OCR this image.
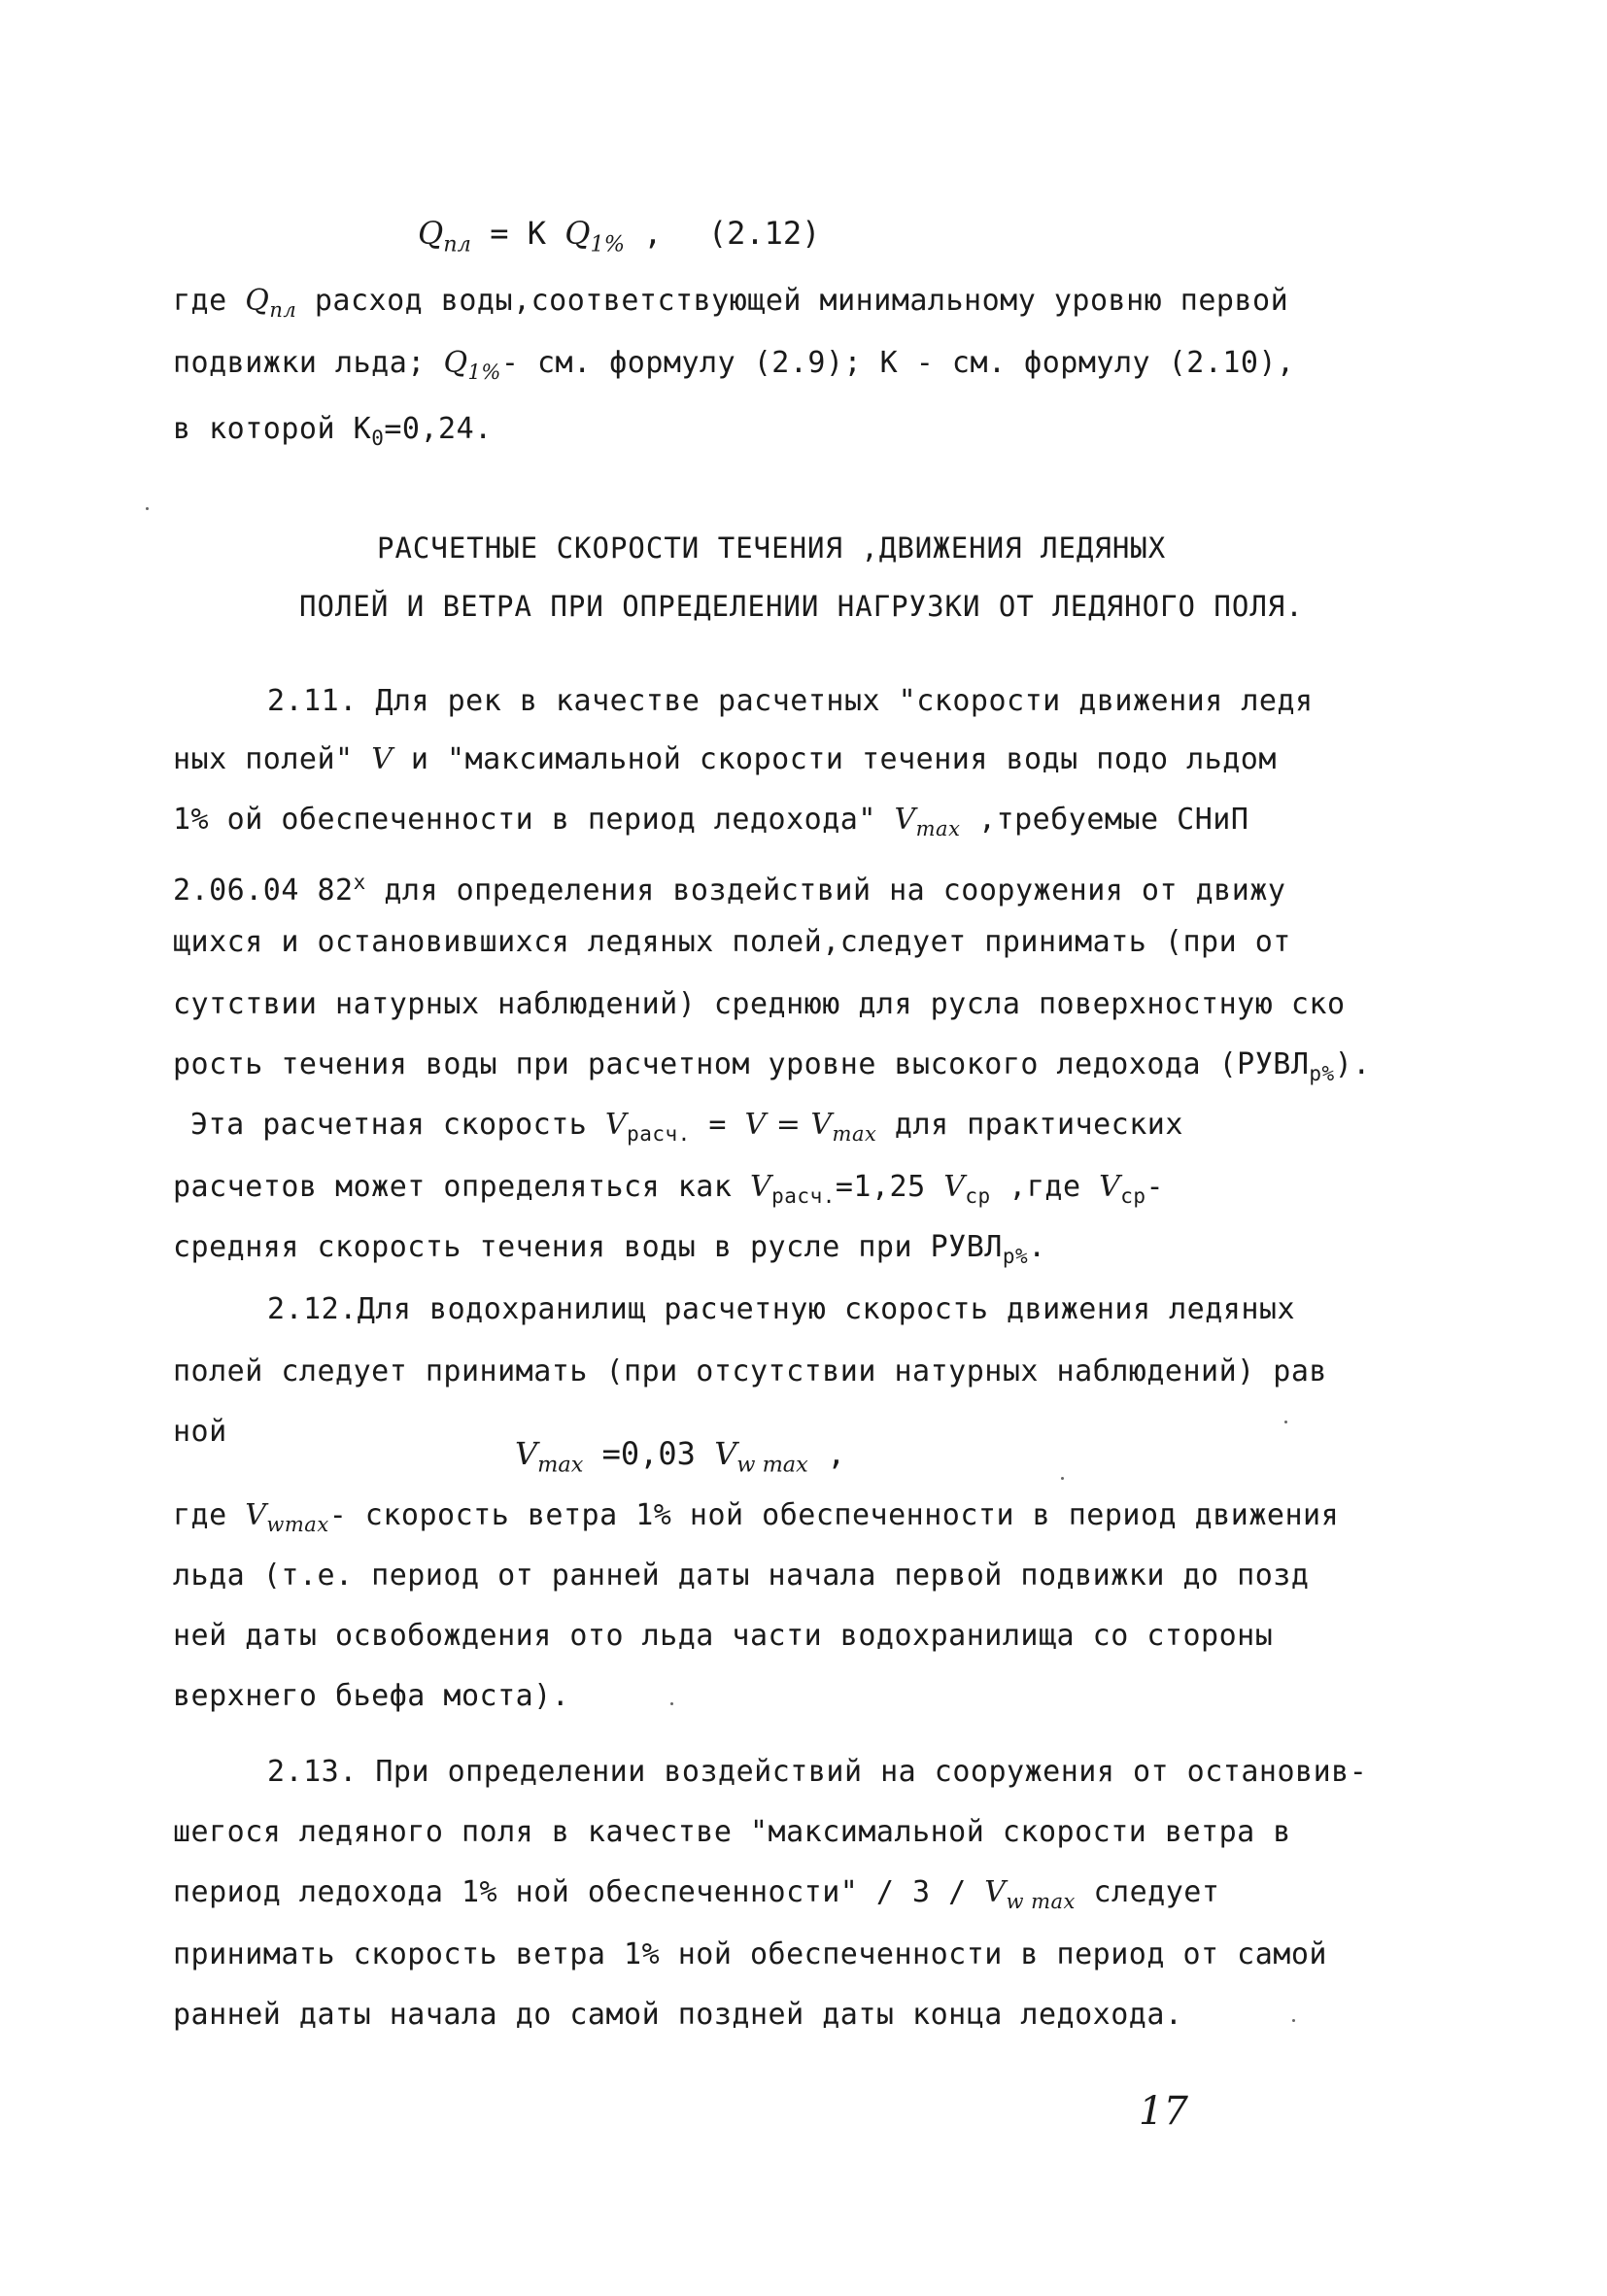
$Q_{пл} = К$ $Q_{1\%}$ , (2.12)
где $Q_{пл}$ расход воды,соответствующей минимальному уровню первой
подвижки льда; $Q_{1\%}-$ см. формулу (2.9); К - см. формулу (2.10),
в которой $К_0=0,24$.
РАСЧЕТНЫЕ СКОРОСТИ ТЕЧЕНИЯ ,ДВИЖЕНИЯ ЛЕДЯНЫХ
ПОЛЕЙ И ВЕТРА ПРИ ОПРЕДЕЛЕНИИ НАГРУЗКИ ОТ ЛЕДЯНОГО ПОЛЯ.
2.11. Для рек в качестве расчетных "скорости движения ледя
ных полей" V и "максимальной скорости течения воды подо льдом
1% ой обеспеченности в период ледохода" $V_{max}$ ,требуемые СНиП
2.06.04 82$^x$ для определения воздействий на сооружения от движу
щихся и остановившихся ледяных полей,следует принимать (при от
сутствии натурных наблюдений) среднюю для русла поверхностную ско
рость течения воды при расчетном уровне высокого ледохода $(РУВЛ_{р\%})$.
Эта расчетная скорость $V_{расч.} = V = V_{max}$ для практических
расчетов может определяться как $V_{расч.}=1,25$ $V_{ср}$ ,где $V_{ср}-$
средняя скорость течения воды в русле при $РУВЛ_{р\%}$.
2.12.Для водохранилищ расчетную скорость движения ледяных
полей следует принимать (при отсутствии натурных наблюдений) рав
ной
$V_{max} =0,03$ $V_{w max}$ ,
где $V_{wmax}-$ скорость ветра 1% ной обеспеченности в период движения
льда (т.е. период от ранней даты начала первой подвижки до позд
ней даты освобождения ото льда части водохранилища со стороны
верхнего бьефа моста).
2.13. При определении воздействий на сооружения от остановив-
шегося ледяного поля в качестве "максимальной скорости ветра в
период ледохода 1% ной обеспеченности" / $3 / V_{w max}$ следует
принимать скорость ветра 1% ной обеспеченности в период от самой
ранней даты начала до самой поздней даты конца ледохода.
17
